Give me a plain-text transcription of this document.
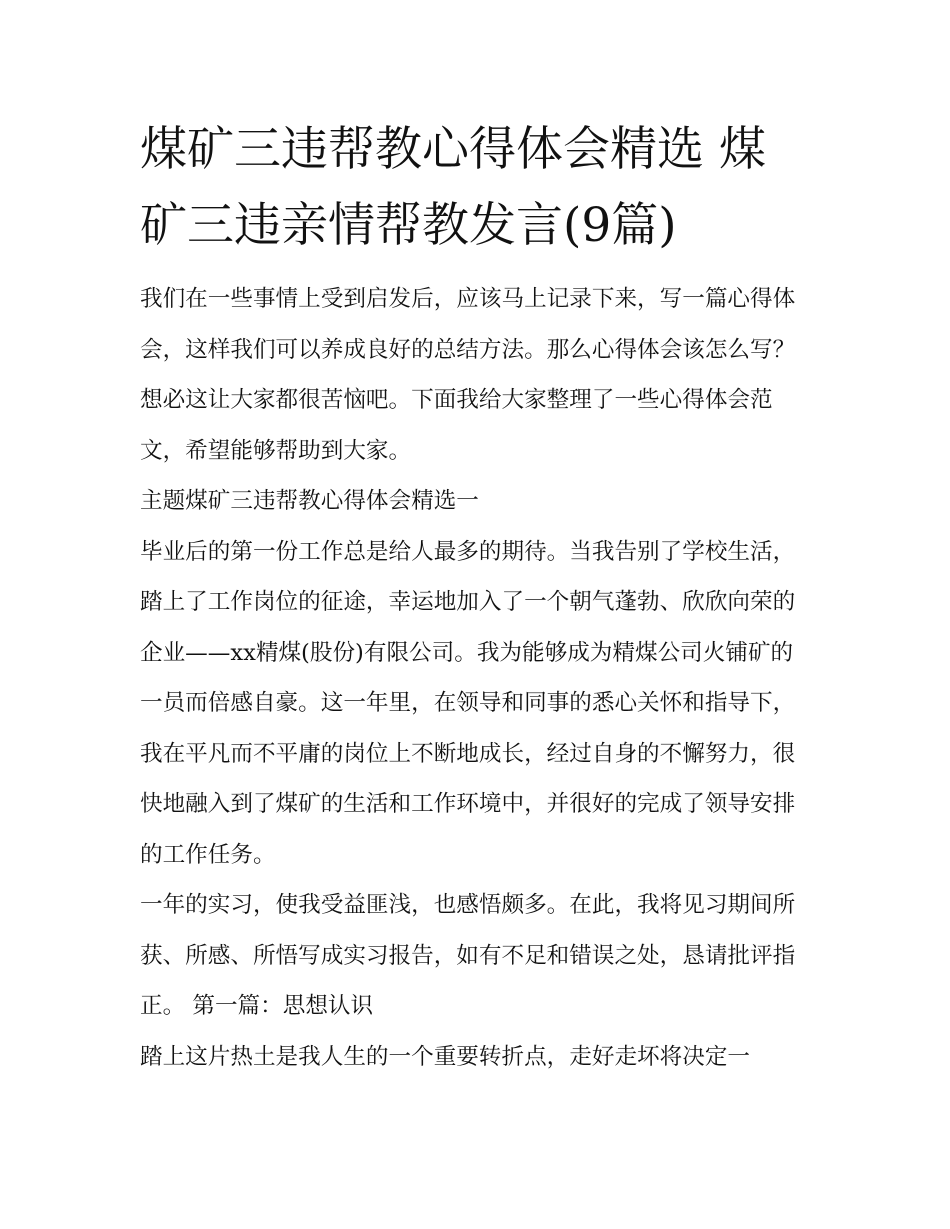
煤矿三违帮教心得体会精选 煤矿三违亲情帮教发言(9篇)

我们在一些事情上受到启发后，应该马上记录下来，写一篇心得体会，这样我们可以养成良好的总结方法。那么心得体会该怎么写？想必这让大家都很苦恼吧。下面我给大家整理了一些心得体会范文，希望能够帮助到大家。

主题煤矿三违帮教心得体会精选一

毕业后的第一份工作总是给人最多的期待。当我告别了学校生活，踏上了工作岗位的征途，幸运地加入了一个朝气蓬勃、欣欣向荣的企业——xx精煤(股份)有限公司。我为能够成为精煤公司火铺矿的一员而倍感自豪。这一年里，在领导和同事的悉心关怀和指导下，我在平凡而不平庸的岗位上不断地成长，经过自身的不懈努力，很快地融入到了煤矿的生活和工作环境中，并很好的完成了领导安排的工作任务。

一年的实习，使我受益匪浅，也感悟颇多。在此，我将见习期间所获、所感、所悟写成实习报告，如有不足和错误之处，恳请批评指正。 第一篇：思想认识

踏上这片热土是我人生的一个重要转折点，走好走坏将决定一
